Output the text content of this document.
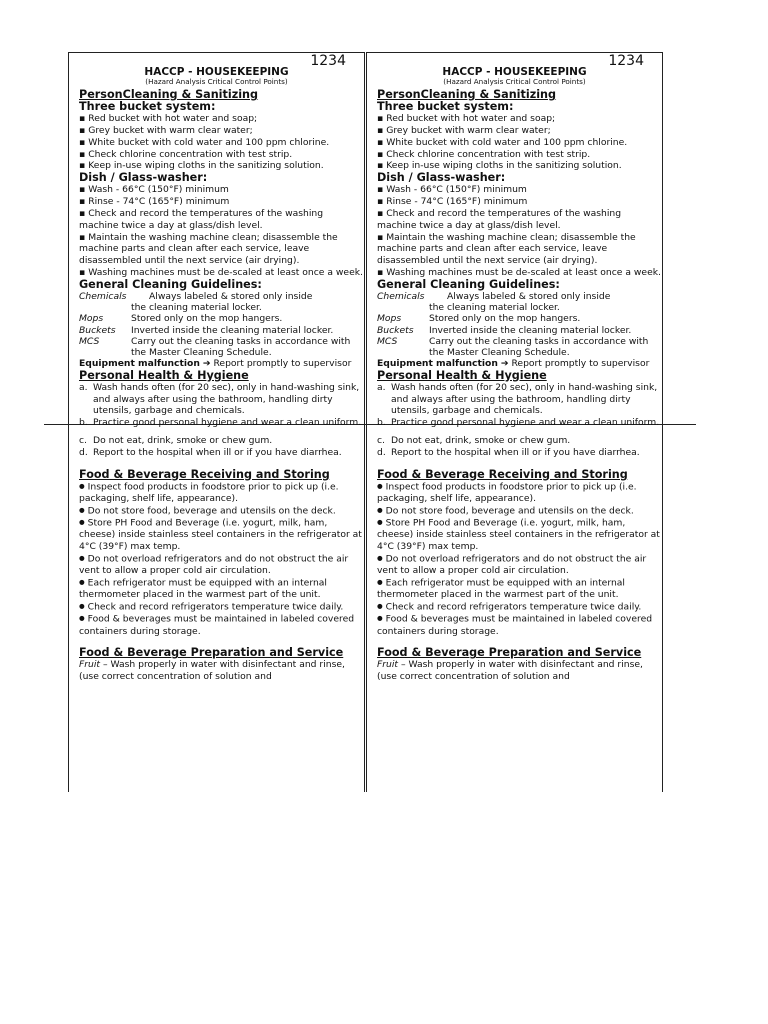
1234
HACCP - HOUSEKEEPING
(Hazard Analysis Critical Control Points)
PersonCleaning & Sanitizing
Three bucket system:
▪ Red bucket with hot water and soap;
▪ Grey bucket with warm clear water;
▪ White bucket with cold water and 100 ppm chlorine.
▪ Check chlorine concentration with test strip.
▪ Keep in-use wiping cloths in the sanitizing solution.
Dish / Glass-washer:
▪ Wash - 66°C (150°F) minimum
▪ Rinse - 74°C (165°F) minimum
▪ Check and record the temperatures of the washing machine twice a day at glass/dish level.
▪ Maintain the washing machine clean; disassemble the machine parts and clean after each service, leave disassembled until the next service (air drying).
▪ Washing machines must be de-scaled at least once a week.
General Cleaning Guidelines:
Chemicals	Always labeled & stored only inside
the cleaning material locker.
Mops	Stored only on the mop hangers.
Buckets	Inverted inside the cleaning material locker.
MCS	Carry out the cleaning tasks in accordance with the Master Cleaning Schedule.
Equipment malfunction ➔ Report promptly to supervisor
Personal Health & Hygiene
a. Wash hands often (for 20 sec), only in hand-washing sink, and always after using the bathroom, handling dirty utensils, garbage and chemicals.
b. Practice good personal hygiene and wear a clean uniform.
c. Do not eat, drink, smoke or chew gum.
d. Report to the hospital when ill or if you have diarrhea.
Food & Beverage Receiving and Storing
● Inspect food products in foodstore prior to pick up (i.e. packaging, shelf life, appearance).
● Do not store food, beverage and utensils on the deck.
● Store PH Food and Beverage (i.e. yogurt, milk, ham, cheese) inside stainless steel containers in the refrigerator at 4°C (39°F) max temp.
● Do not overload refrigerators and do not obstruct the air vent to allow a proper cold air circulation.
● Each refrigerator must be equipped with an internal thermometer placed in the warmest part of the unit.
● Check and record refrigerators temperature twice daily.
● Food & beverages must be maintained in labeled covered containers during storage.
Food & Beverage Preparation and Service

Fruit – Wash properly in water with disinfectant and rinse, (use correct concentration of solution and

1234
HACCP - HOUSEKEEPING
(Hazard Analysis Critical Control Points)
PersonCleaning & Sanitizing
Three bucket system:
▪ Red bucket with hot water and soap;
▪ Grey bucket with warm clear water;
▪ White bucket with cold water and 100 ppm chlorine.
▪ Check chlorine concentration with test strip.
▪ Keep in-use wiping cloths in the sanitizing solution.
Dish / Glass-washer:
▪ Wash - 66°C (150°F) minimum
▪ Rinse - 74°C (165°F) minimum
▪ Check and record the temperatures of the washing machine twice a day at glass/dish level.
▪ Maintain the washing machine clean; disassemble the machine parts and clean after each service, leave disassembled until the next service (air drying).
▪ Washing machines must be de-scaled at least once a week.
General Cleaning Guidelines:
Chemicals	Always labeled & stored only inside
the cleaning material locker.
Mops	Stored only on the mop hangers.
Buckets	Inverted inside the cleaning material locker.
MCS	Carry out the cleaning tasks in accordance with the Master Cleaning Schedule.
Equipment malfunction ➔ Report promptly to supervisor
Personal Health & Hygiene
a. Wash hands often (for 20 sec), only in hand-washing sink, and always after using the bathroom, handling dirty utensils, garbage and chemicals.
b. Practice good personal hygiene and wear a clean uniform.
c. Do not eat, drink, smoke or chew gum.
d. Report to the hospital when ill or if you have diarrhea.
Food & Beverage Receiving and Storing
● Inspect food products in foodstore prior to pick up (i.e. packaging, shelf life, appearance).
● Do not store food, beverage and utensils on the deck.
● Store PH Food and Beverage (i.e. yogurt, milk, ham, cheese) inside stainless steel containers in the refrigerator at 4°C (39°F) max temp.
● Do not overload refrigerators and do not obstruct the air vent to allow a proper cold air circulation.
● Each refrigerator must be equipped with an internal thermometer placed in the warmest part of the unit.
● Check and record refrigerators temperature twice daily.
● Food & beverages must be maintained in labeled covered containers during storage.
Food & Beverage Preparation and Service

Fruit – Wash properly in water with disinfectant and rinse, (use correct concentration of solution and
